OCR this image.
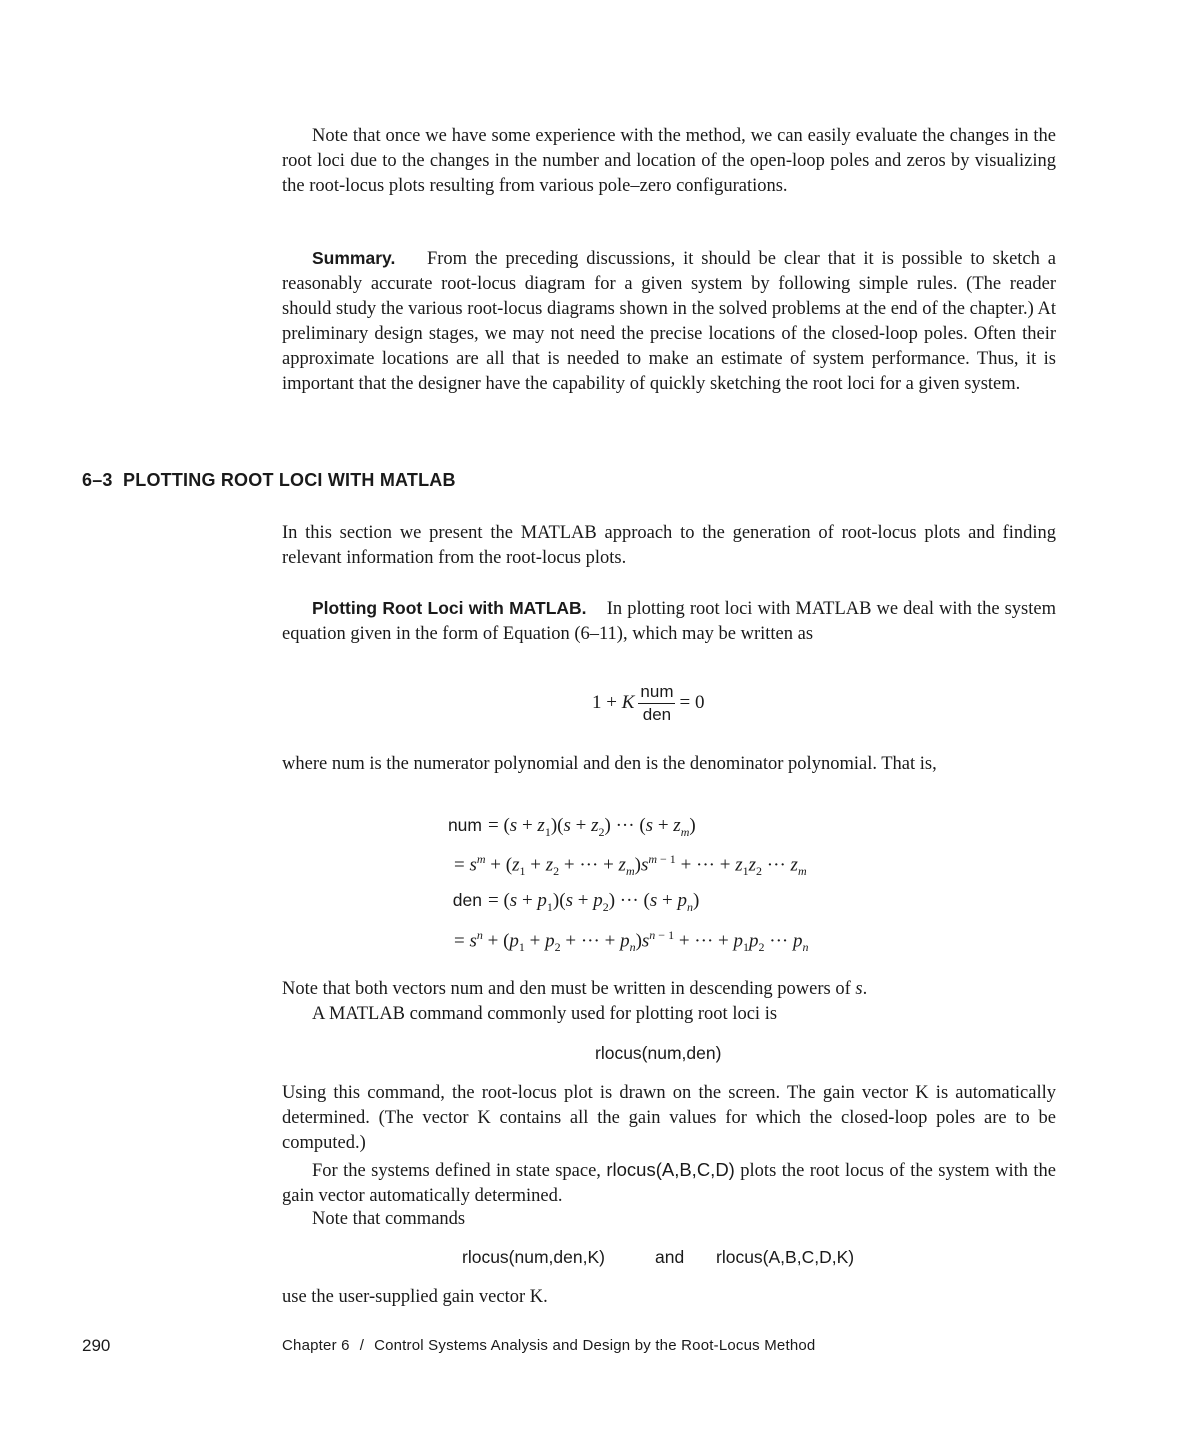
Note that once we have some experience with the method, we can easily evaluate the changes in the root loci due to the changes in the number and location of the open-loop poles and zeros by visualizing the root-locus plots resulting from various pole–zero configurations.

Summary. From the preceding discussions, it should be clear that it is possible to sketch a reasonably accurate root-locus diagram for a given system by following simple rules. (The reader should study the various root-locus diagrams shown in the solved problems at the end of the chapter.) At preliminary design stages, we may not need the precise locations of the closed-loop poles. Often their approximate locations are all that is needed to make an estimate of system performance. Thus, it is important that the designer have the capability of quickly sketching the root loci for a given system.

6–3 PLOTTING ROOT LOCI WITH MATLAB

In this section we present the MATLAB approach to the generation of root-locus plots and finding relevant information from the root-locus plots.

Plotting Root Loci with MATLAB. In plotting root loci with MATLAB we deal with the system equation given in the form of Equation (6–11), which may be written as

1 + K $\frac{\text{num}}{\text{den}} = 0$

where num is the numerator polynomial and den is the denominator polynomial. That is,

num = $(s + z_1)(s + z_2)$ ··· $(s + z_m)$
= $s^m + (z_1 + z_2$ + ··· + $z_m)s^{m - 1}$ + ··· + $z_1z_2$ ··· $z_m$
den = $(s + p_1)(s + p_2)$ ··· $(s + p_n)$
= $s^n + (p_1 + p_2$ + ··· + $p_n)s^{n - 1}$ + ··· + $p_1p_2$ ··· $p_n$

Note that both vectors num and den must be written in descending powers of s.

A MATLAB command commonly used for plotting root loci is

rlocus(num,den)

Using this command, the root-locus plot is drawn on the screen. The gain vector K is automatically determined. (The vector K contains all the gain values for which the closed-loop poles are to be computed.)

For the systems defined in state space, rlocus(A,B,C,D) plots the root locus of the system with the gain vector automatically determined.

Note that commands

rlocus(num,den,K)	and rlocus(A,B,C,D,K)

use the user-supplied gain vector K.

290	Chapter 6 / Control Systems Analysis and Design by the Root-Locus Method
